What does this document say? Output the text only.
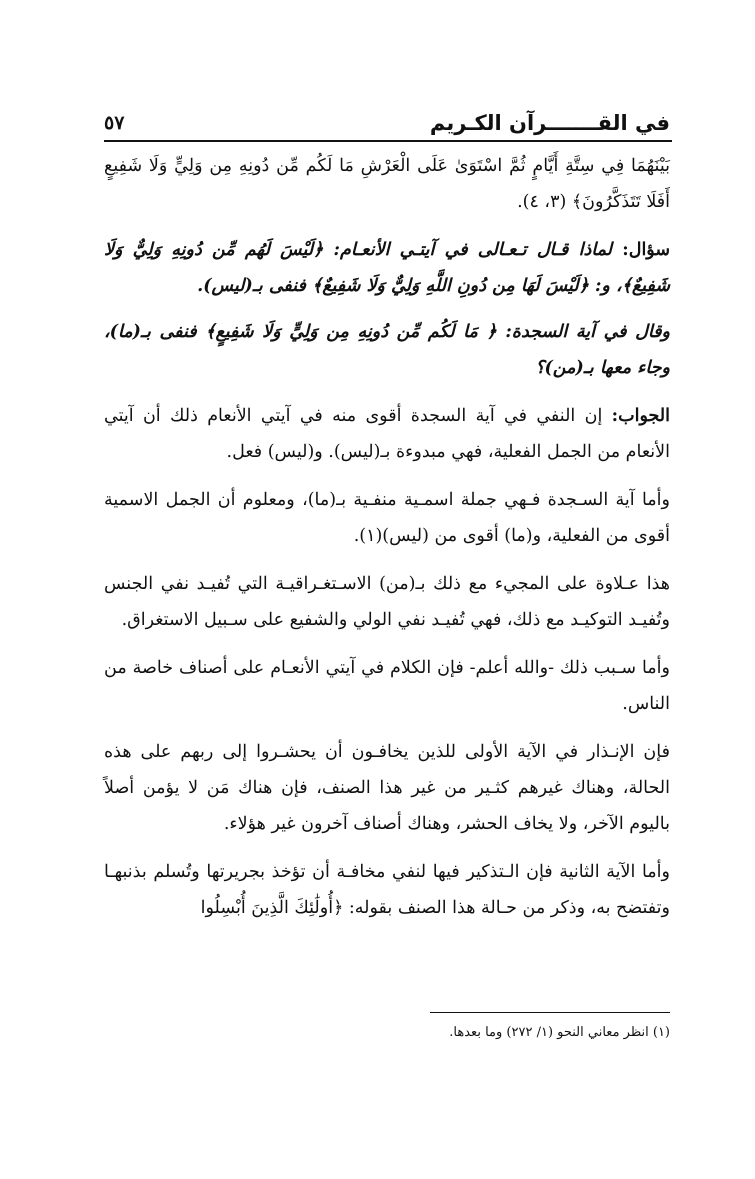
٥٧	في القـــــــرآن الكـريم

بَيْنَهُمَا فِي سِتَّةِ أَيَّامٍ ثُمَّ اسْتَوَىٰ عَلَى الْعَرْشِ مَا لَكُم مِّن دُونِهِ مِن وَلِيٍّ وَلَا شَفِيعٍ أَفَلَا تَتَذَكَّرُونَ﴾ (٣، ٤).

سؤال: لماذا قـال تـعـالى في آيتـي الأنعـام: ﴿لَيْسَ لَهُم مِّن دُونِهِ وَلِيٌّ وَلَا شَفِيعٌ﴾، و: ﴿لَيْسَ لَهَا مِن دُونِ اللَّهِ وَلِيٌّ وَلَا شَفِيعٌ﴾ فنفى بـ(ليس).

وقال في آية السجدة: ﴿ مَا لَكُم مِّن دُونِهِ مِن وَلِيٍّ وَلَا شَفِيعٍ﴾ فنفى بـ(ما)، وجاء معها بـ(من)؟

الجواب: إن النفي في آية السجدة أقوى منه في آيتي الأنعام ذلك أن آيتي الأنعام من الجمل الفعلية، فهي مبدوءة بـ(ليس). و(ليس) فعل.

وأما آية السـجدة فـهي جملة اسمـية منفـية بـ(ما)، ومعلوم أن الجمل الاسمية أقوى من الفعلية، و(ما) أقوى من (ليس)(١).

هذا عـلاوة على المجيء مع ذلك بـ(من) الاسـتغـراقيـة التي تُفيـد نفي الجنس وتُفيـد التوكيـد مع ذلك، فهي تُفيـد نفي الولي والشفيع على سـبيل الاستغراق.

وأما سـبب ذلك -والله أعلم- فإن الكلام في آيتي الأنعـام على أصناف خاصة من الناس.

فإن الإنـذار في الآية الأولى للذين يخافـون أن يحشـروا إلى ربهم على هذه الحالة، وهناك غيرهم كثـير من غير هذا الصنف، فإن هناك مَن لا يؤمن أصلاً باليوم الآخر، ولا يخاف الحشر، وهناك أصناف آخرون غير هؤلاء.

وأما الآية الثانية فإن الـتذكير فيها لنفي مخافـة أن تؤخذ بجريرتها وتُسلم بذنبهـا وتفتضح به، وذكر من حـالة هذا الصنف بقوله: ﴿أُولَٰئِكَ الَّذِينَ أُبْسِلُوا

(١) انظر معاني النحو (١/ ٢٧٢) وما بعدها.
